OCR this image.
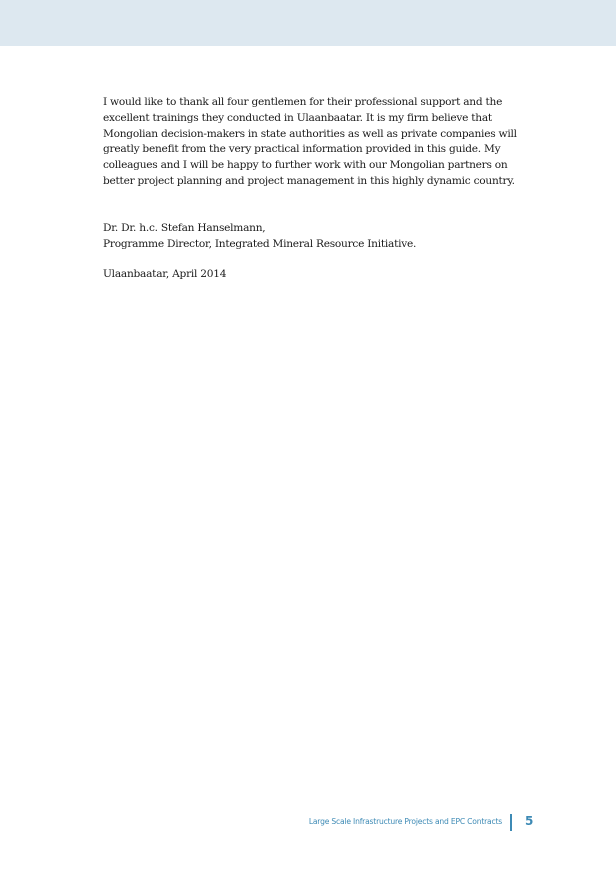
I would like to thank all four gentlemen for their professional support and the
excellent trainings they conducted in Ulaanbaatar. It is my firm believe that
Mongolian decision-makers in state authorities as well as private companies will
greatly benefit from the very practical information provided in this guide. My
colleagues and I will be happy to further work with our Mongolian partners on
better project planning and project management in this highly dynamic country.

Dr. Dr. h.c. Stefan Hanselmann,
Programme Director, Integrated Mineral Resource Initiative.

Ulaanbaatar, April 2014

Large Scale Infrastructure Projects and EPC Contracts 5
